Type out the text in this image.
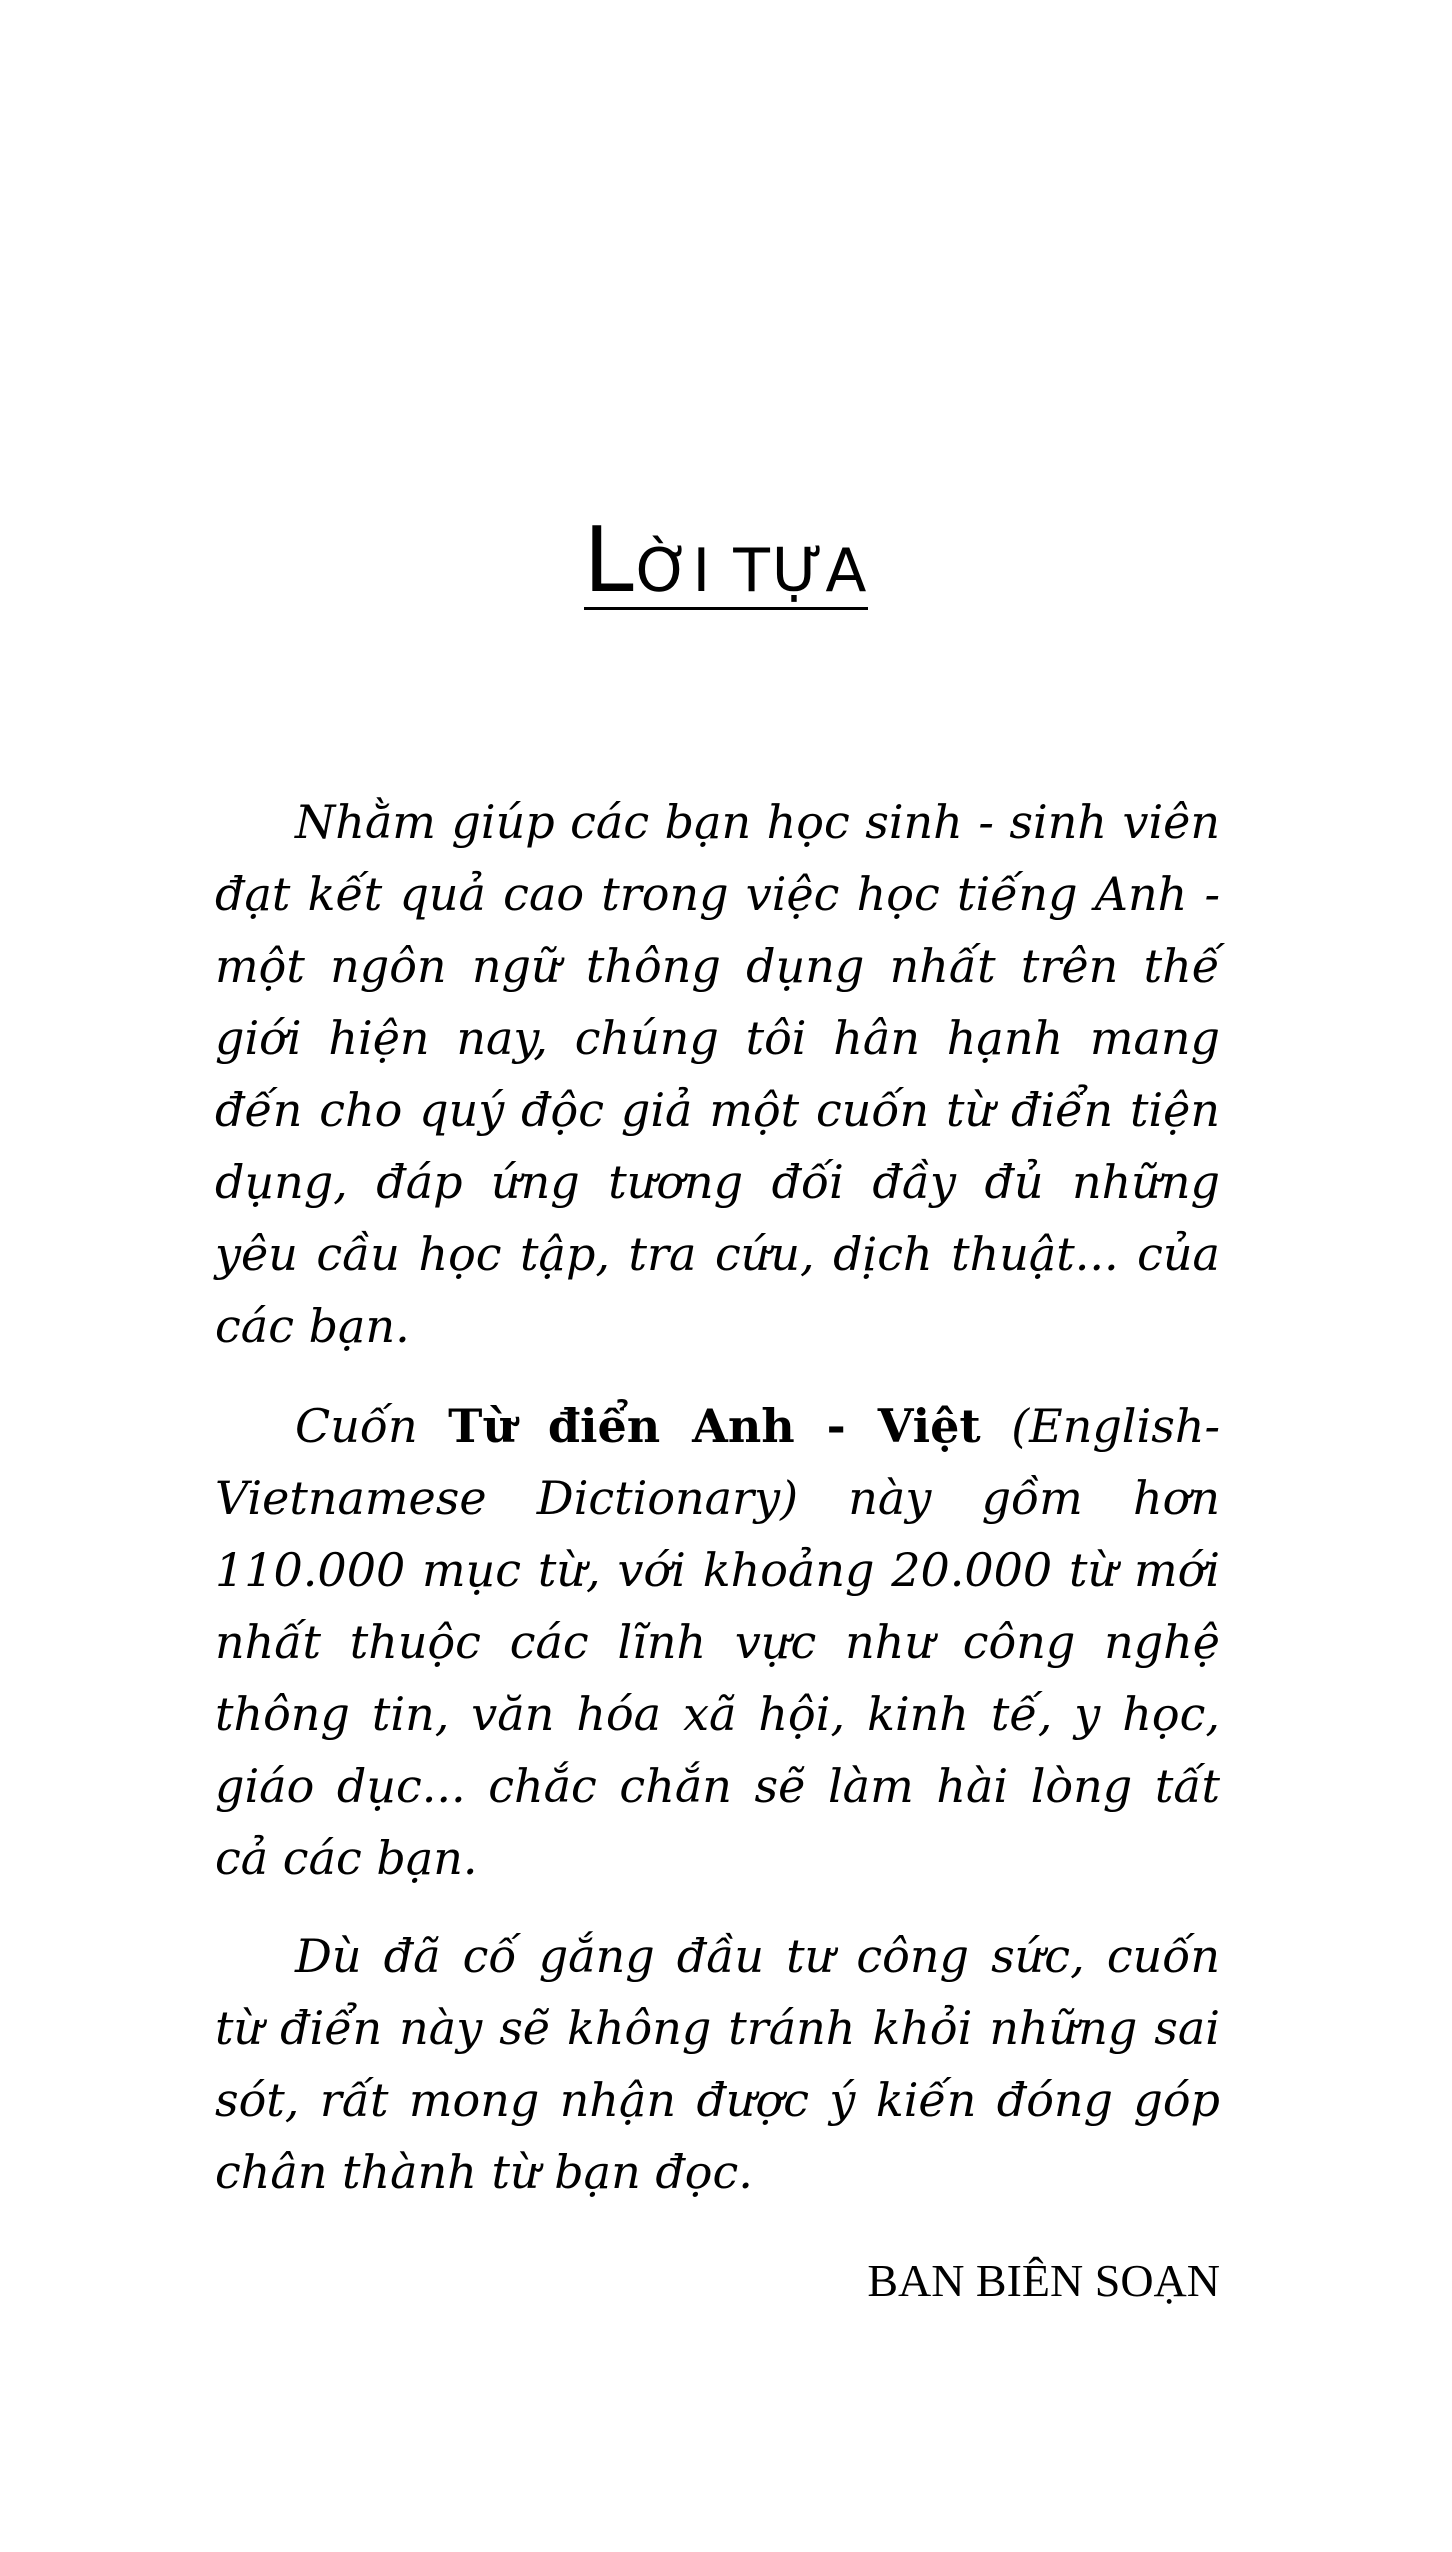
LỜI TỰA

Nhằm giúp các bạn học sinh - sinh viên đạt kết quả cao trong việc học tiếng Anh - một ngôn ngữ thông dụng nhất trên thế giới hiện nay, chúng tôi hân hạnh mang đến cho quý độc giả một cuốn từ điển tiện dụng, đáp ứng tương đối đầy đủ những yêu cầu học tập, tra cứu, dịch thuật... của các bạn.

Cuốn Từ điển Anh - Việt (English-Vietnamese Dictionary) này gồm hơn 110.000 mục từ, với khoảng 20.000 từ mới nhất thuộc các lĩnh vực như công nghệ thông tin, văn hóa xã hội, kinh tế, y học, giáo dục... chắc chắn sẽ làm hài lòng tất cả các bạn.

Dù đã cố gắng đầu tư công sức, cuốn từ điển này sẽ không tránh khỏi những sai sót, rất mong nhận được ý kiến đóng góp chân thành từ bạn đọc.

BAN BIÊN SOẠN
